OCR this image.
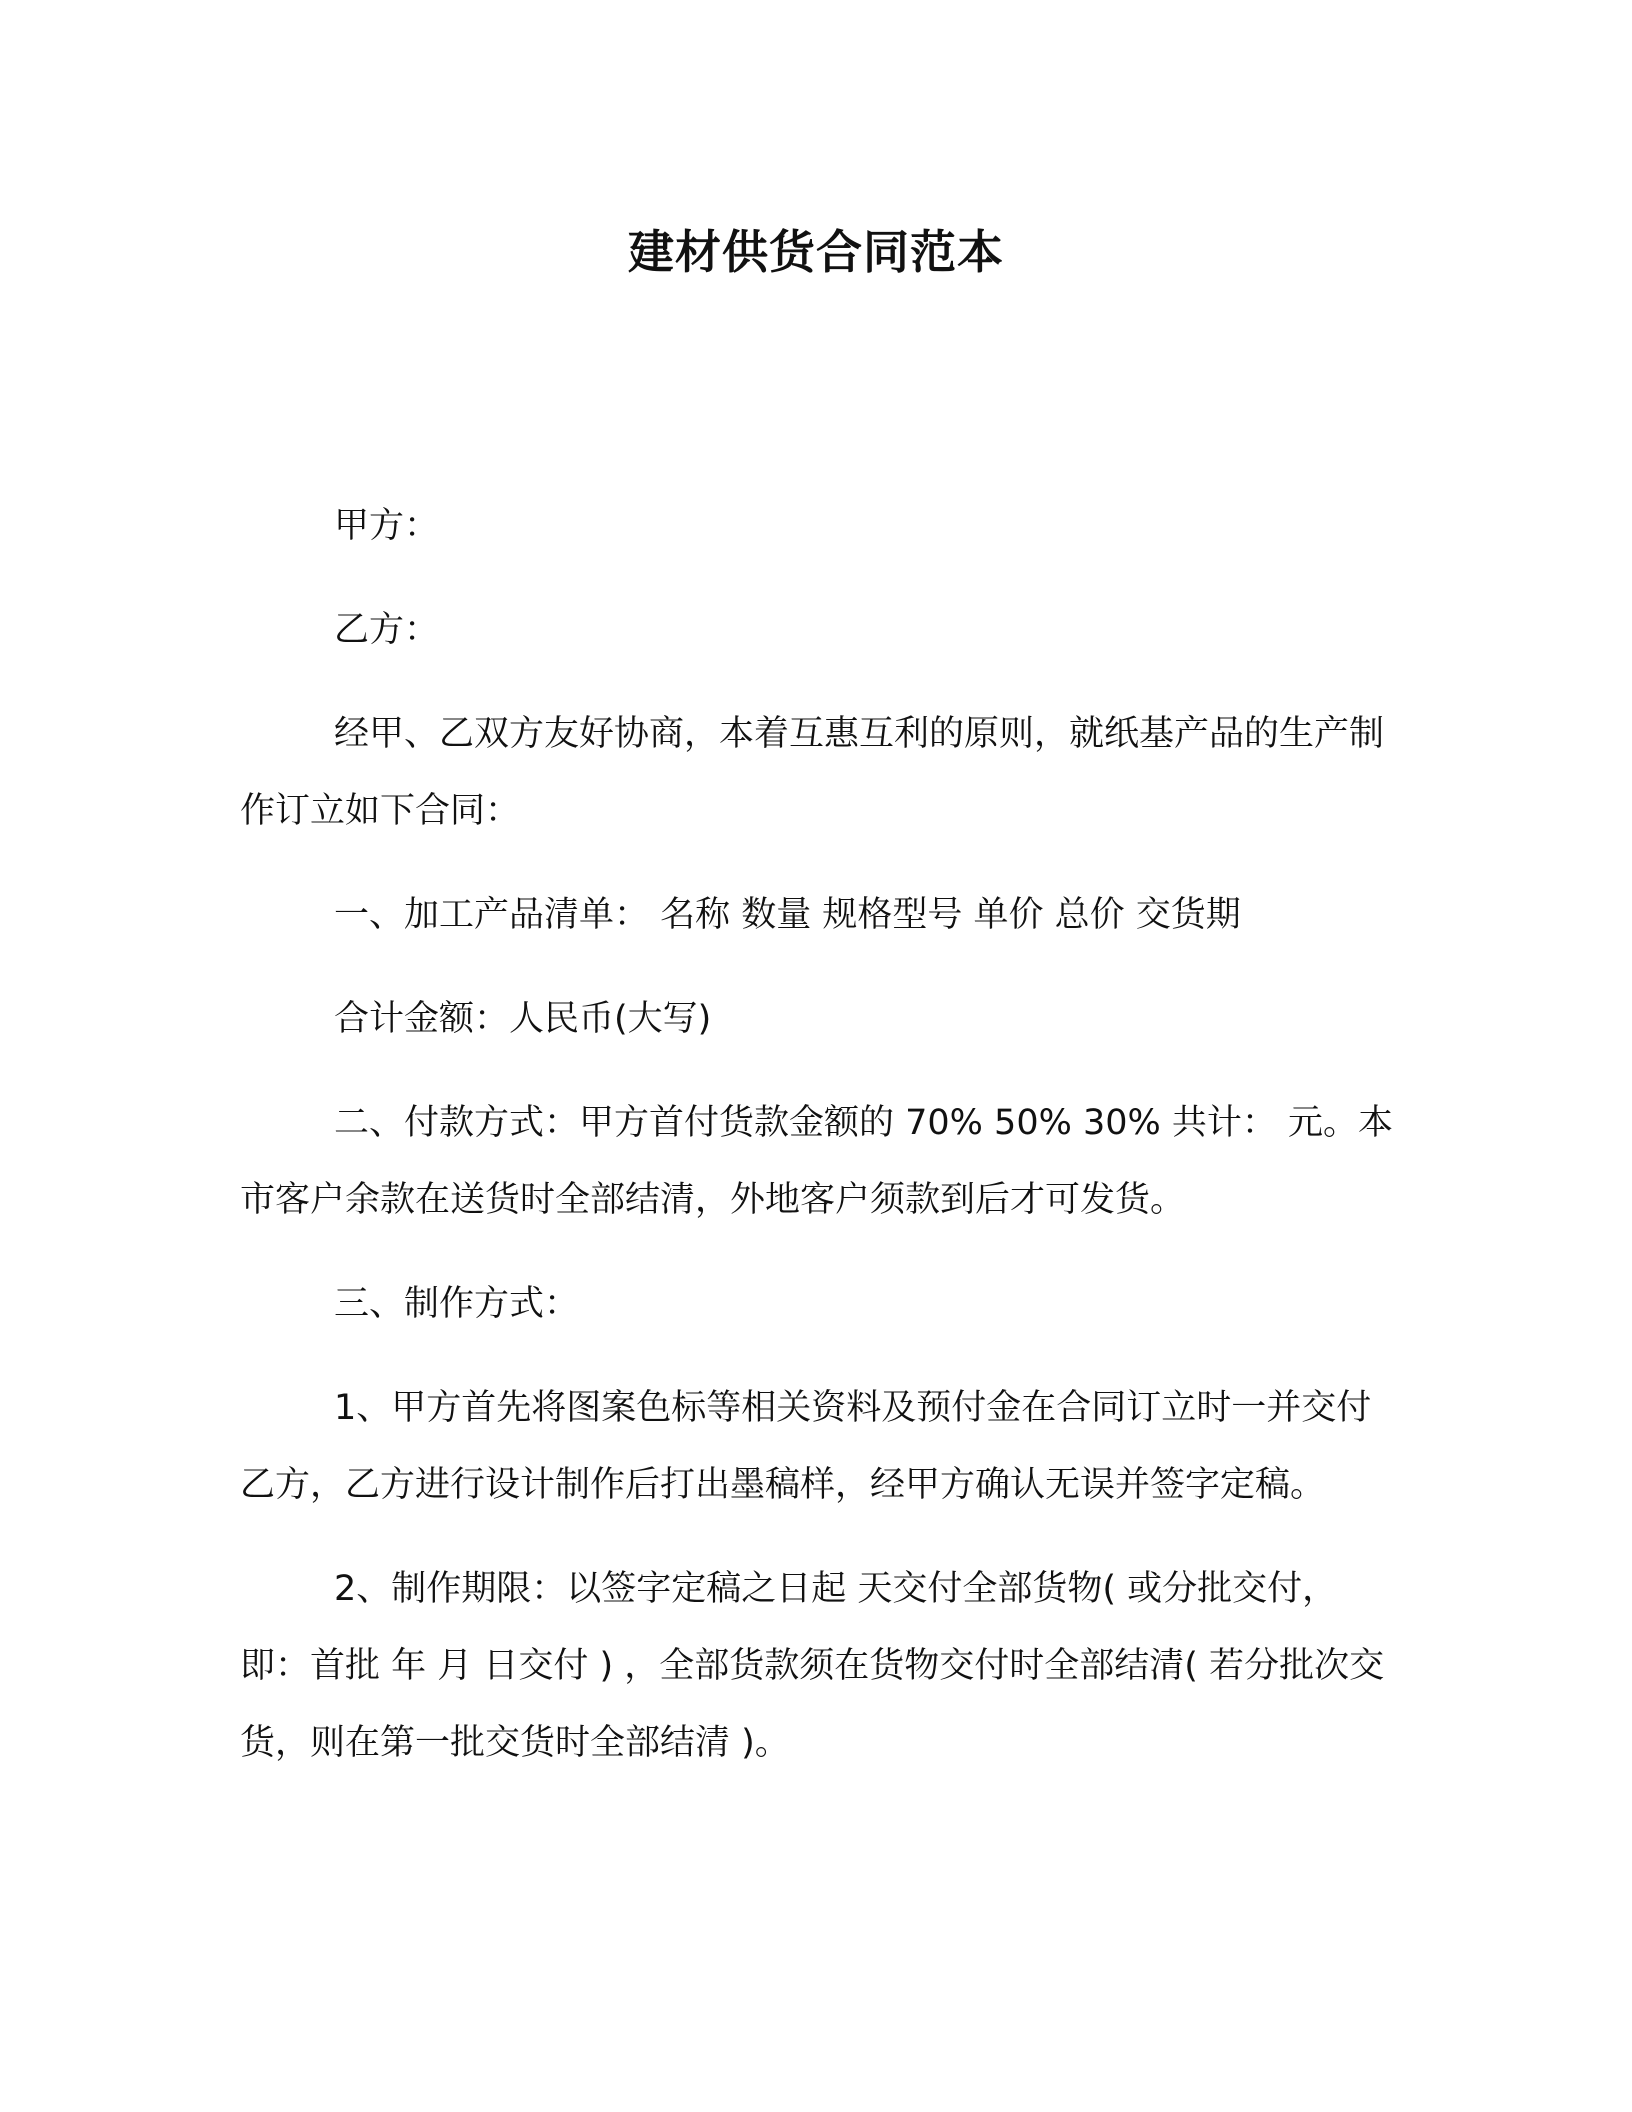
建材供货合同范本

甲方：

乙方：

经甲、乙双方友好协商，本着互惠互利的原则，就纸基产品的生产制作订立如下合同：

一、加工产品清单： 名称 数量 规格型号 单价 总价 交货期

合计金额：人民币(大写)

二、付款方式：甲方首付货款金额的 70% 50% 30% 共计： 元。本市客户余款在送货时全部结清，外地客户须款到后才可发货。

三、制作方式：

1、甲方首先将图案色标等相关资料及预付金在合同订立时一并交付乙方，乙方进行设计制作后打出墨稿样，经甲方确认无误并签字定稿。

2、制作期限：以签字定稿之日起 天交付全部货物( 或分批交付，即：首批 年 月 日交付 ) ，全部货款须在货物交付时全部结清( 若分批次交货，则在第一批交货时全部结清 )。
